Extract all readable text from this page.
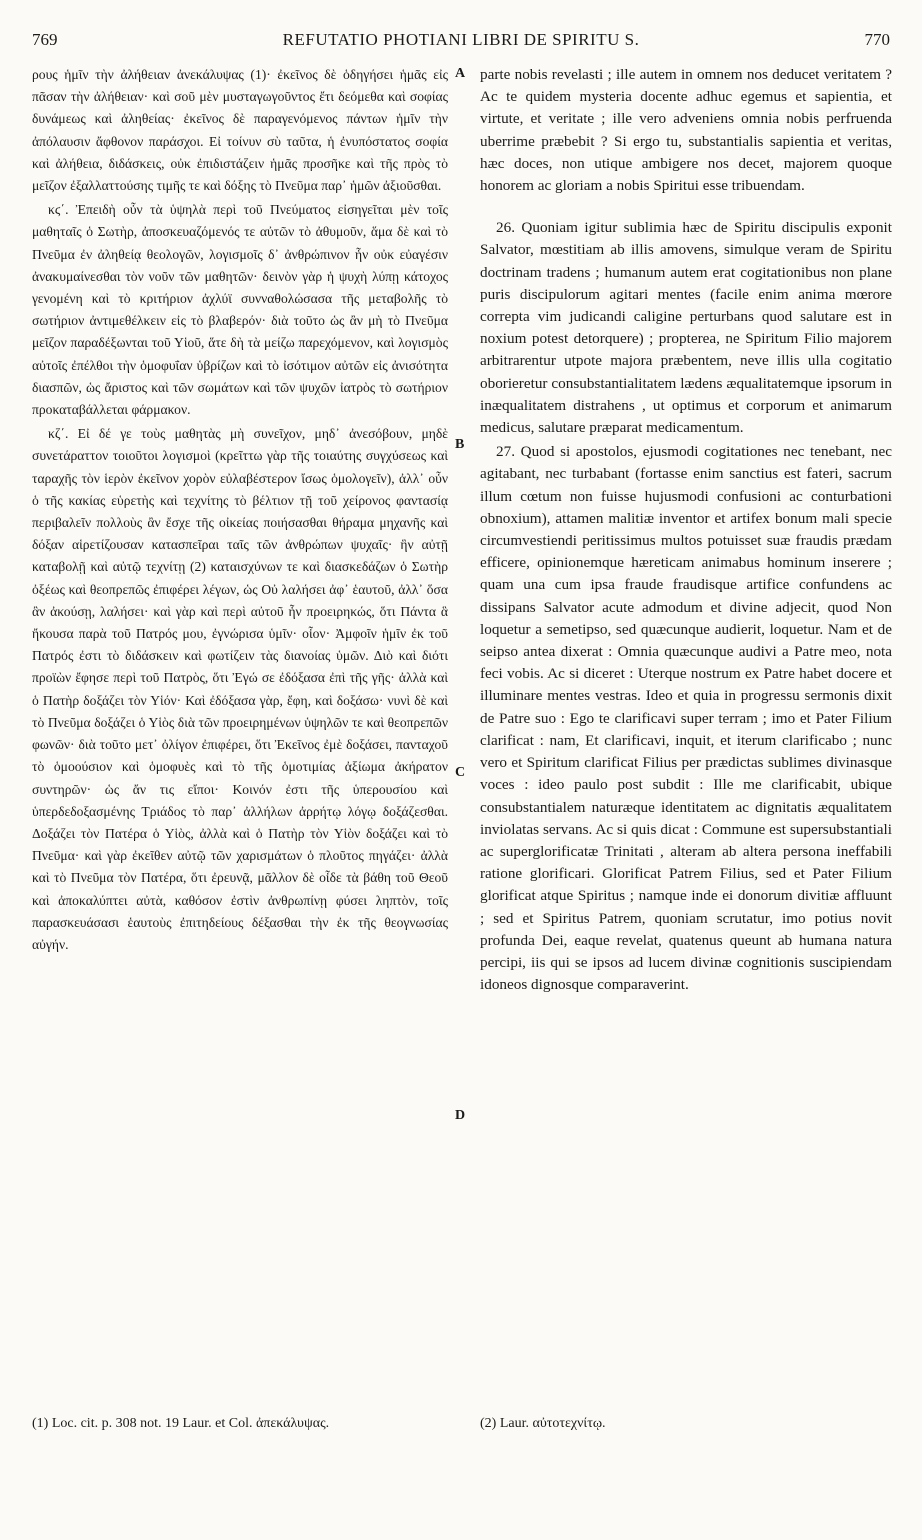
769	REFUTATIO PHOTIANI LIBRI DE SPIRITU S.	770

ρους ἡμῖν τὴν ἀλήθειαν ἀνεκάλυψας (1)· ἐκεῖνος δὲ ὁδηγήσει ἡμᾶς εἰς πᾶσαν τὴν ἀλήθειαν· καὶ σοῦ μὲν μυσταγωγοῦντος ἔτι δεόμεθα καὶ σοφίας δυνάμεως καὶ ἀληθείας· ἐκεῖνος δὲ παραγενόμενος πάντων ἡμῖν τὴν ἀπόλαυσιν ἄφθονον παράσχοι. Εἰ τοίνυν σὺ ταῦτα, ἡ ἐνυπόστατος σοφία καὶ ἀλήθεια, διδάσκεις, οὐκ ἐπιδιστάζειν ἡμᾶς προσῆκε καὶ τῆς πρὸς τὸ μεῖζον ἐξαλλαττούσης τιμῆς τε καὶ δόξης τὸ Πνεῦμα παρ᾽ ἡμῶν ἀξιοῦσθαι.

κϛ΄. Ἐπειδὴ οὖν τὰ ὑψηλὰ περὶ τοῦ Πνεύματος εἰσηγεῖται μὲν τοῖς μαθηταῖς ὁ Σωτὴρ, ἀποσκευαζόμενός τε αὐτῶν τὸ ἀθυμοῦν, ἅμα δὲ καὶ τὸ Πνεῦμα ἐν ἀληθείᾳ θεολογῶν, λογισμοῖς δ᾽ ἀνθρώπινον ἦν οὐκ εὐαγέσιν ἀνακυμαίνεσθαι τὸν νοῦν τῶν μαθητῶν· δεινὸν γὰρ ἡ ψυχὴ λύπῃ κάτοχος γενομένη καὶ τὸ κριτήριον ἀχλύϊ συνναθολώσασα τῆς μεταβολῆς τὸ σωτήριον ἀντιμεθέλκειν εἰς τὸ βλαβερόν· διὰ τοῦτο ὡς ἂν μὴ τὸ Πνεῦμα μεῖζον παραδέξωνται τοῦ Υἱοῦ, ἅτε δὴ τὰ μείζω παρεχόμενον, καὶ λογισμὸς αὐτοῖς ἐπέλθοι τὴν ὁμοφυΐαν ὑβρίζων καὶ τὸ ἰσότιμον αὐτῶν εἰς ἀνισότητα διασπῶν, ὡς ἄριστος καὶ τῶν σωμάτων καὶ τῶν ψυχῶν ἰατρὸς τὸ σωτήριον προκαταβάλλεται φάρμακον.

κζ΄. Εἰ δέ γε τοὺς μαθητὰς μὴ συνεῖχον, μηδ᾽ ἀνεσόβουν, μηδὲ συνετάραττον τοιοῦτοι λογισμοὶ (κρεῖττω γὰρ τῆς τοιαύτης συγχύσεως καὶ ταραχῆς τὸν ἱερὸν ἐκεῖνον χορὸν εὐλαβέστερον ἴσως ὁμολογεῖν), ἀλλ᾽ οὖν ὁ τῆς κακίας εὑρετὴς καὶ τεχνίτης τὸ βέλτιον τῇ τοῦ χείρονος φαντασίᾳ περιβαλεῖν πολλοὺς ἂν ἔσχε τῆς οἰκείας ποιήσασθαι θήραμα μηχανῆς καὶ δόξαν αἱρετίζουσαν κατασπεῖραι ταῖς τῶν ἀνθρώπων ψυχαῖς· ἣν αὐτῇ καταβολῇ καὶ αὐτῷ τεχνίτῃ (2) καταισχύνων τε καὶ διασκεδάζων ὁ Σωτὴρ ὀξέως καὶ θεοπρεπῶς ἐπιφέρει λέγων, ὡς Οὐ λαλήσει ἀφ᾽ ἑαυτοῦ, ἀλλ᾽ ὅσα ἂν ἀκούσῃ, λαλήσει· καὶ γὰρ καὶ περὶ αὐτοῦ ἦν προειρηκώς, ὅτι Πάντα ἃ ἤκουσα παρὰ τοῦ Πατρός μου, ἐγνώρισα ὑμῖν· οἷον· Ἀμφοῖν ἡμῖν ἐκ τοῦ Πατρός ἐστι τὸ διδάσκειν καὶ φωτίζειν τὰς διανοίας ὑμῶν. Διὸ καὶ διότι προϊὼν ἔφησε περὶ τοῦ Πατρὸς, ὅτι Ἐγώ σε ἐδόξασα ἐπὶ τῆς γῆς· ἀλλὰ καὶ ὁ Πατὴρ δοξάζει τὸν Υἱόν· Καὶ ἐδόξασα γὰρ, ἔφη, καὶ δοξάσω· νυνὶ δὲ καὶ τὸ Πνεῦμα δοξάζει ὁ Υἱὸς διὰ τῶν προειρημένων ὑψηλῶν τε καὶ θεοπρεπῶν φωνῶν· διὰ τοῦτο μετ᾽ ὀλίγον ἐπιφέρει, ὅτι Ἐκεῖνος ἐμὲ δοξάσει, πανταχοῦ τὸ ὁμοούσιον καὶ ὁμοφυὲς καὶ τὸ τῆς ὁμοτιμίας ἀξίωμα ἀκήρατον συντηρῶν· ὡς ἄν τις εἴποι· Κοινόν ἐστι τῆς ὑπερουσίου καὶ ὑπερδεδοξασμένης Τριάδος τὸ παρ᾽ ἀλλήλων ἀρρήτῳ λόγῳ δοξάζεσθαι. Δοξάζει τὸν Πατέρα ὁ Υἱὸς, ἀλλὰ καὶ ὁ Πατὴρ τὸν Υἱὸν δοξάζει καὶ τὸ Πνεῦμα· καὶ γὰρ ἐκεῖθεν αὐτῷ τῶν χαρισμάτων ὁ πλοῦτος πηγάζει· ἀλλὰ καὶ τὸ Πνεῦμα τὸν Πατέρα, ὅτι ἐρευνᾷ, μᾶλλον δὲ οἶδε τὰ βάθη τοῦ Θεοῦ καὶ ἀποκαλύπτει αὐτὰ, καθόσον ἐστὶν ἀνθρωπίνῃ φύσει ληπτὸν, τοῖς παρασκευάσασι ἑαυτοὺς ἐπιτηδείους δέξασθαι τὴν ἐκ τῆς θεογνωσίας αὐγήν.

A
B
C
D

parte nobis revelasti ; ille autem in omnem nos deducet veritatem ? Ac te quidem mysteria docente adhuc egemus et sapientia, et virtute, et veritate ; ille vero adveniens omnia nobis perfruenda uberrime præbebit ? Si ergo tu, substantialis sapientia et veritas, hæc doces, non utique ambigere nos decet, majorem quoque honorem ac gloriam a nobis Spiritui esse tribuendam.

26. Quoniam igitur sublimia hæc de Spiritu discipulis exponit Salvator, mœstitiam ab illis amovens, simulque veram de Spiritu doctrinam tradens ; humanum autem erat cogitationibus non plane puris discipulorum agitari mentes (facile enim anima mœrore correpta vim judicandi caligine perturbans quod salutare est in noxium potest detorquere) ; propterea, ne Spiritum Filio majorem arbitrarentur utpote majora præbentem, neve illis ulla cogitatio oborieretur consubstantialitatem lædens æqualitatemque ipsorum in inæqualitatem distrahens , ut optimus et corporum et animarum medicus, salutare præparat medicamentum.

27. Quod si apostolos, ejusmodi cogitationes nec tenebant, nec agitabant, nec turbabant (fortasse enim sanctius est fateri, sacrum illum cœtum non fuisse hujusmodi confusioni ac conturbationi obnoxium), attamen malitiæ inventor et artifex bonum mali specie circumvestiendi peritissimus multos potuisset suæ fraudis prædam efficere, opinionemque hæreticam animabus hominum inserere ; quam una cum ipsa fraude fraudisque artifice confundens ac dissipans Salvator acute admodum et divine adjecit, quod Non loquetur a semetipso, sed quæcunque audierit, loquetur. Nam et de seipso antea dixerat : Omnia quæcunque audivi a Patre meo, nota feci vobis. Ac si diceret : Uterque nostrum ex Patre habet docere et illuminare mentes vestras. Ideo et quia in progressu sermonis dixit de Patre suo : Ego te clarificavi super terram ; imo et Pater Filium clarificat : nam, Et clarificavi, inquit, et iterum clarificabo ; nunc vero et Spiritum clarificat Filius per prædictas sublimes divinasque voces : ideo paulo post subdit : Ille me clarificabit, ubique consubstantialem naturæque identitatem ac dignitatis æqualitatem inviolatas servans. Ac si quis dicat : Commune est supersubstantiali ac superglorificatæ Trinitati , alteram ab altera persona ineffabili ratione glorificari. Glorificat Patrem Filius, sed et Pater Filium glorificat atque Spiritus ; namque inde ei donorum divitiæ affluunt ; sed et Spiritus Patrem, quoniam scrutatur, imo potius novit profunda Dei, eaque revelat, quatenus queunt ab humana natura percipi, iis qui se ipsos ad lucem divinæ cognitionis suscipiendam idoneos dignosque comparaverint.

(1) Loc. cit. p. 308 not. 19 Laur. et Col. ἀπεκάλυψας.	(2) Laur. αὐτοτεχνίτῳ.
